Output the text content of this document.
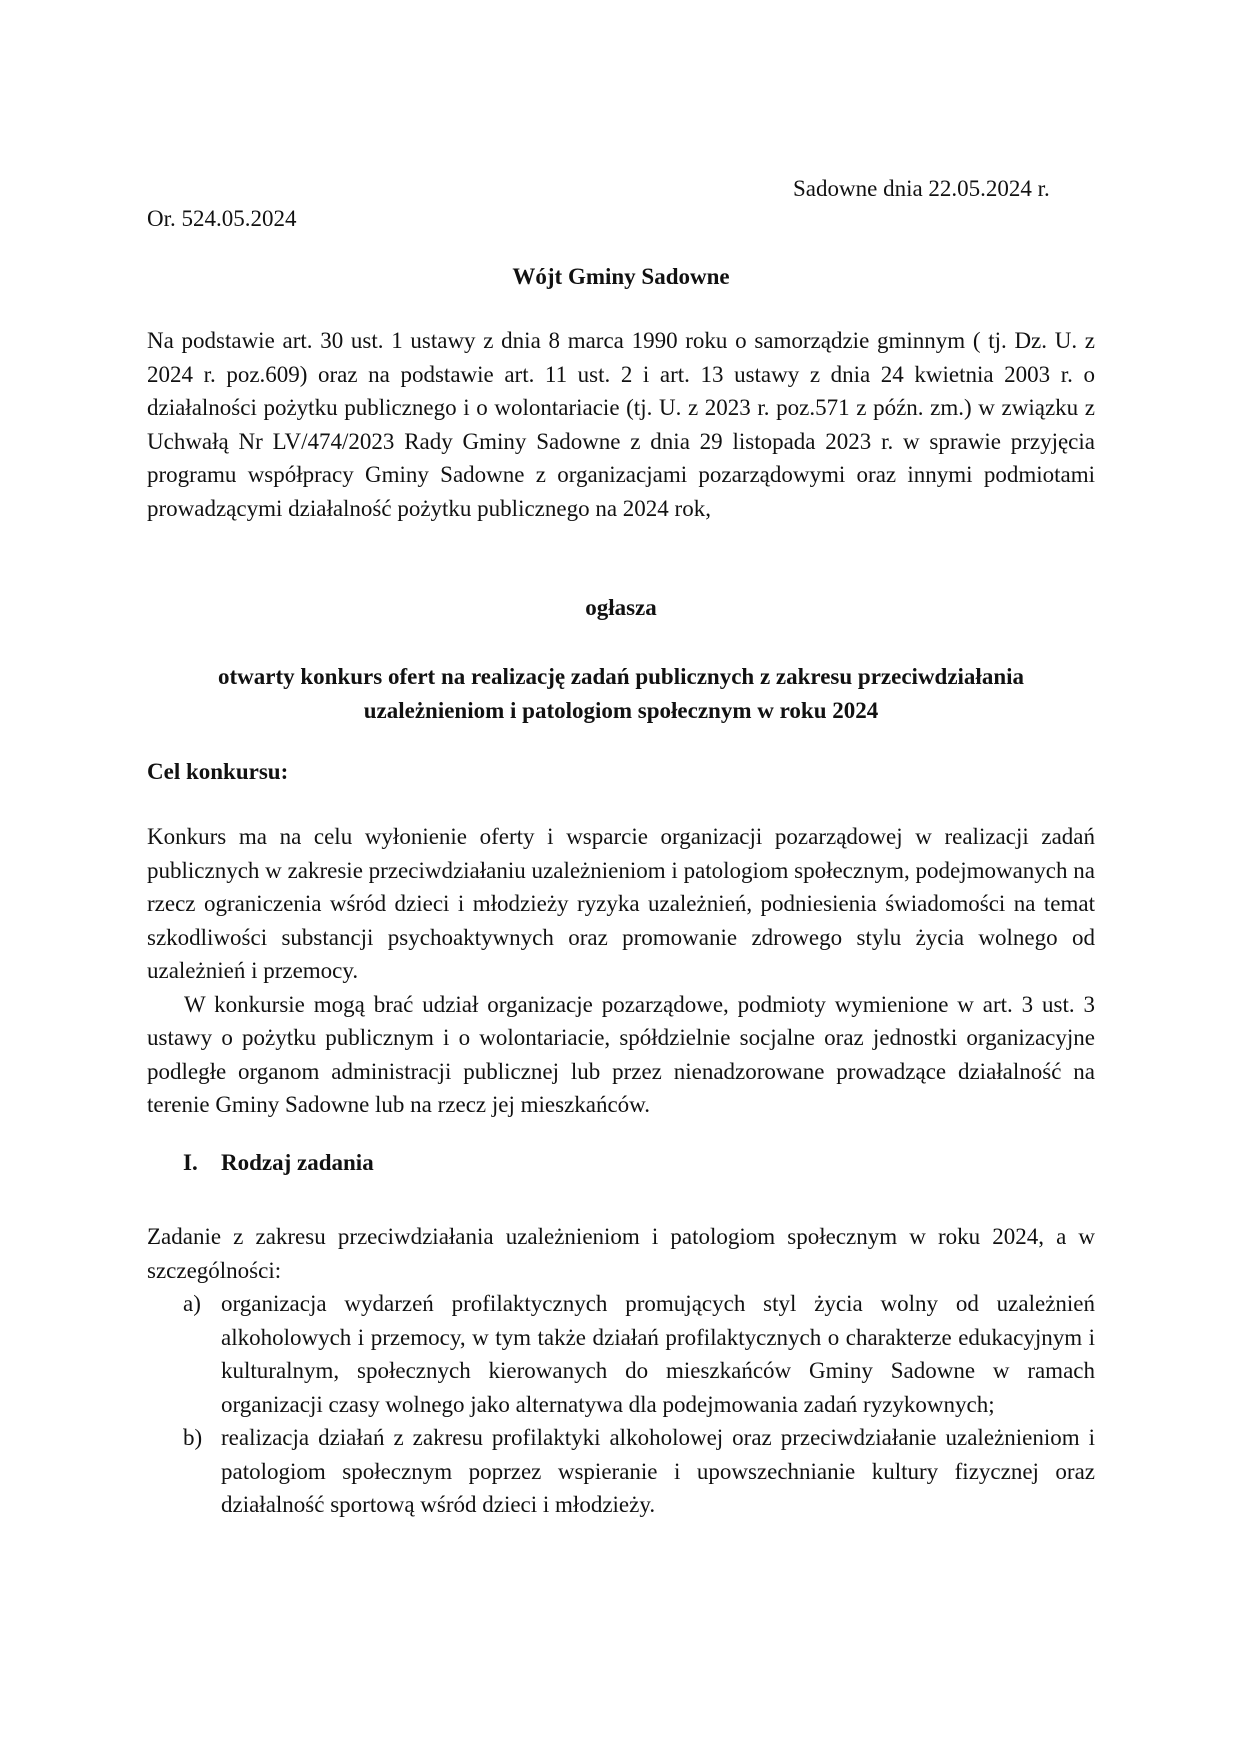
Sadowne dnia 22.05.2024 r.

Or. 524.05.2024

Wójt Gminy Sadowne

Na podstawie art. 30 ust. 1 ustawy z dnia 8 marca 1990 roku o samorządzie gminnym ( tj. Dz. U. z 2024 r. poz.609) oraz na podstawie art. 11 ust. 2 i art. 13 ustawy z dnia 24 kwietnia 2003 r. o działalności pożytku publicznego i o wolontariacie (tj. U. z 2023 r. poz.571 z późn. zm.) w związku z Uchwałą Nr LV/474/2023 Rady Gminy Sadowne z dnia 29 listopada 2023 r. w sprawie przyjęcia programu współpracy Gminy Sadowne z organizacjami pozarządowymi oraz innymi podmiotami prowadzącymi działalność pożytku publicznego na 2024 rok,

ogłasza

otwarty konkurs ofert na realizację zadań publicznych z zakresu przeciwdziałania
uzależnieniom i patologiom społecznym w roku 2024

Cel konkursu:

Konkurs ma na celu wyłonienie oferty i wsparcie organizacji pozarządowej w realizacji zadań publicznych w zakresie przeciwdziałaniu uzależnieniom i patologiom społecznym, podejmowanych na rzecz ograniczenia wśród dzieci i młodzieży ryzyka uzależnień, podniesienia świadomości na temat szkodliwości substancji psychoaktywnych oraz promowanie zdrowego stylu życia wolnego od uzależnień i przemocy.

W konkursie mogą brać udział organizacje pozarządowe, podmioty wymienione w art. 3 ust. 3 ustawy o pożytku publicznym i o wolontariacie, spółdzielnie socjalne oraz jednostki organizacyjne podległe organom administracji publicznej lub przez nienadzorowane prowadzące działalność na terenie Gminy Sadowne lub na rzecz jej mieszkańców.

I. Rodzaj zadania

Zadanie z zakresu przeciwdziałania uzależnieniom i patologiom społecznym w roku 2024, a w szczególności:

a) organizacja wydarzeń profilaktycznych promujących styl życia wolny od uzależnień alkoholowych i przemocy, w tym także działań profilaktycznych o charakterze edukacyjnym i kulturalnym, społecznych kierowanych do mieszkańców Gminy Sadowne w ramach organizacji czasy wolnego jako alternatywa dla podejmowania zadań ryzykownych;
b) realizacja działań z zakresu profilaktyki alkoholowej oraz przeciwdziałanie uzależnieniom i patologiom społecznym poprzez wspieranie i upowszechnianie kultury fizycznej oraz działalność sportową wśród dzieci i młodzieży.
